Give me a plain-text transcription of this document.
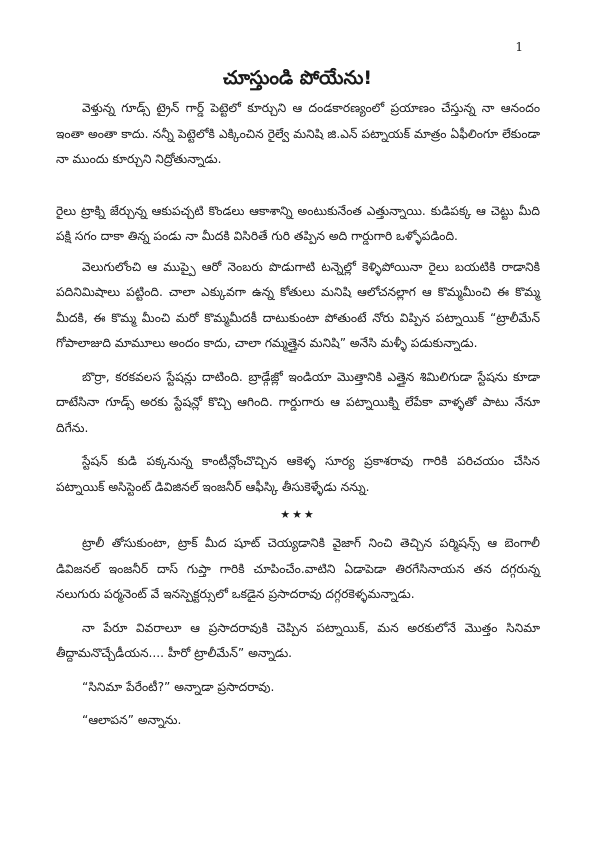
1
చూస్తుండి పోయేను!

వెళ్తున్న గూడ్స్ ట్రైన్ గార్డ్ పెట్టెలో కూర్చుని ఆ దండకారణ్యంలో ప్రయాణం చేస్తున్న నా ఆనందం ఇంతా అంతా కాదు. నన్నీ పెట్టెలోకి ఎక్కించిన రైల్వే మనిషి జి.ఎన్ పట్నాయక్ మాత్రం ఏఫీలింగూ లేకుండా నా ముందు కూర్చుని నిద్రోతున్నాడు.

రైలు ట్రాక్ని జేర్చున్న ఆకుపచ్చటి కొండలు ఆకాశాన్ని అంటుకునేంత ఎత్తున్నాయి. కుడిపక్క ఆ చెట్టు మీది పక్షి సగం దాకా తిన్న పండు నా మీదకి విసిరితే గురి తప్పిన అది గార్డుగారి ఒళ్ళోపడింది.

వెలుగులోంచి ఆ ముప్పై ఆరో నెంబరు పొడుగాటి టన్నెల్లో కెళ్ళిపోయినా రైలు బయటికి రాడానికి పదినిమిషాలు పట్టింది. చాలా ఎక్కువగా ఉన్న కోతులు మనిషి ఆలోచనల్లాగ ఆ కొమ్మమీంచి ఈ కొమ్మ మీదకి, ఈ కొమ్మ మీంచి మరో కొమ్మమీదకీ దాటుకుంటా పోతుంటే నోరు విప్పిన పట్నాయిక్ “ట్రాలీమేన్ గోపాలాజుది మామూలు అందం కాదు, చాలా గమ్మత్తైన మనిషి” అనేసి మళ్ళీ పడుకున్నాడు.

బొర్రా, కరకవలస స్టేషన్లు దాటింది. బ్రాడ్గేజ్లో ఇండియా మొత్తానికి ఎత్తైన శిమిలిగుడా స్టేషను కూడా దాటేసినా గూడ్స్ అరకు స్టేషన్లో కొచ్చి ఆగింది. గార్డుగారు ఆ పట్నాయిక్ని లేపేకా వాళ్ళతో పాటు నేనూ దిగేను.

స్టేషన్ కుడి పక్కనున్న కాంటీన్లోంచొచ్చిన ఆకెళ్ళ సూర్య ప్రకాశరావు గారికి పరిచయం చేసిన పట్నాయిక్ అసిస్టెంట్ డివిజినల్ ఇంజనీర్ ఆఫీస్కి తీసుకెళ్ళేడు నన్ను.

★★★

ట్రాలీ తోసుకుంటా, ట్రాక్ మీద షూట్ చెయ్యడానికి వైజాగ్ నించి తెచ్చిన పర్మిషన్స్ ఆ బెంగాలీ డివిజనల్ ఇంజనీర్ దాస్ గుప్తా గారికి చూపించేం.వాటిని ఏడాపెడా తిరగేసినాయన తన దగ్గరున్న నలుగురు పర్మనెంట్ వే ఇనస్పెక్టర్సులో ఒకడైన ప్రసాదరావు దగ్గరకెళ్ళమన్నాడు.

నా పేరూ వివరాలూ ఆ ప్రసాదరావుకి చెప్పిన పట్నాయిక్, మన అరకులోనే మొత్తం సినిమా తీద్దామనొచ్చేడీయన.... హీరో ట్రాలీమేన్” అన్నాడు.

“సినిమా పేరేంటీ?” అన్నాడా ప్రసాదరావు.

“ఆలాపన” అన్నాను.
